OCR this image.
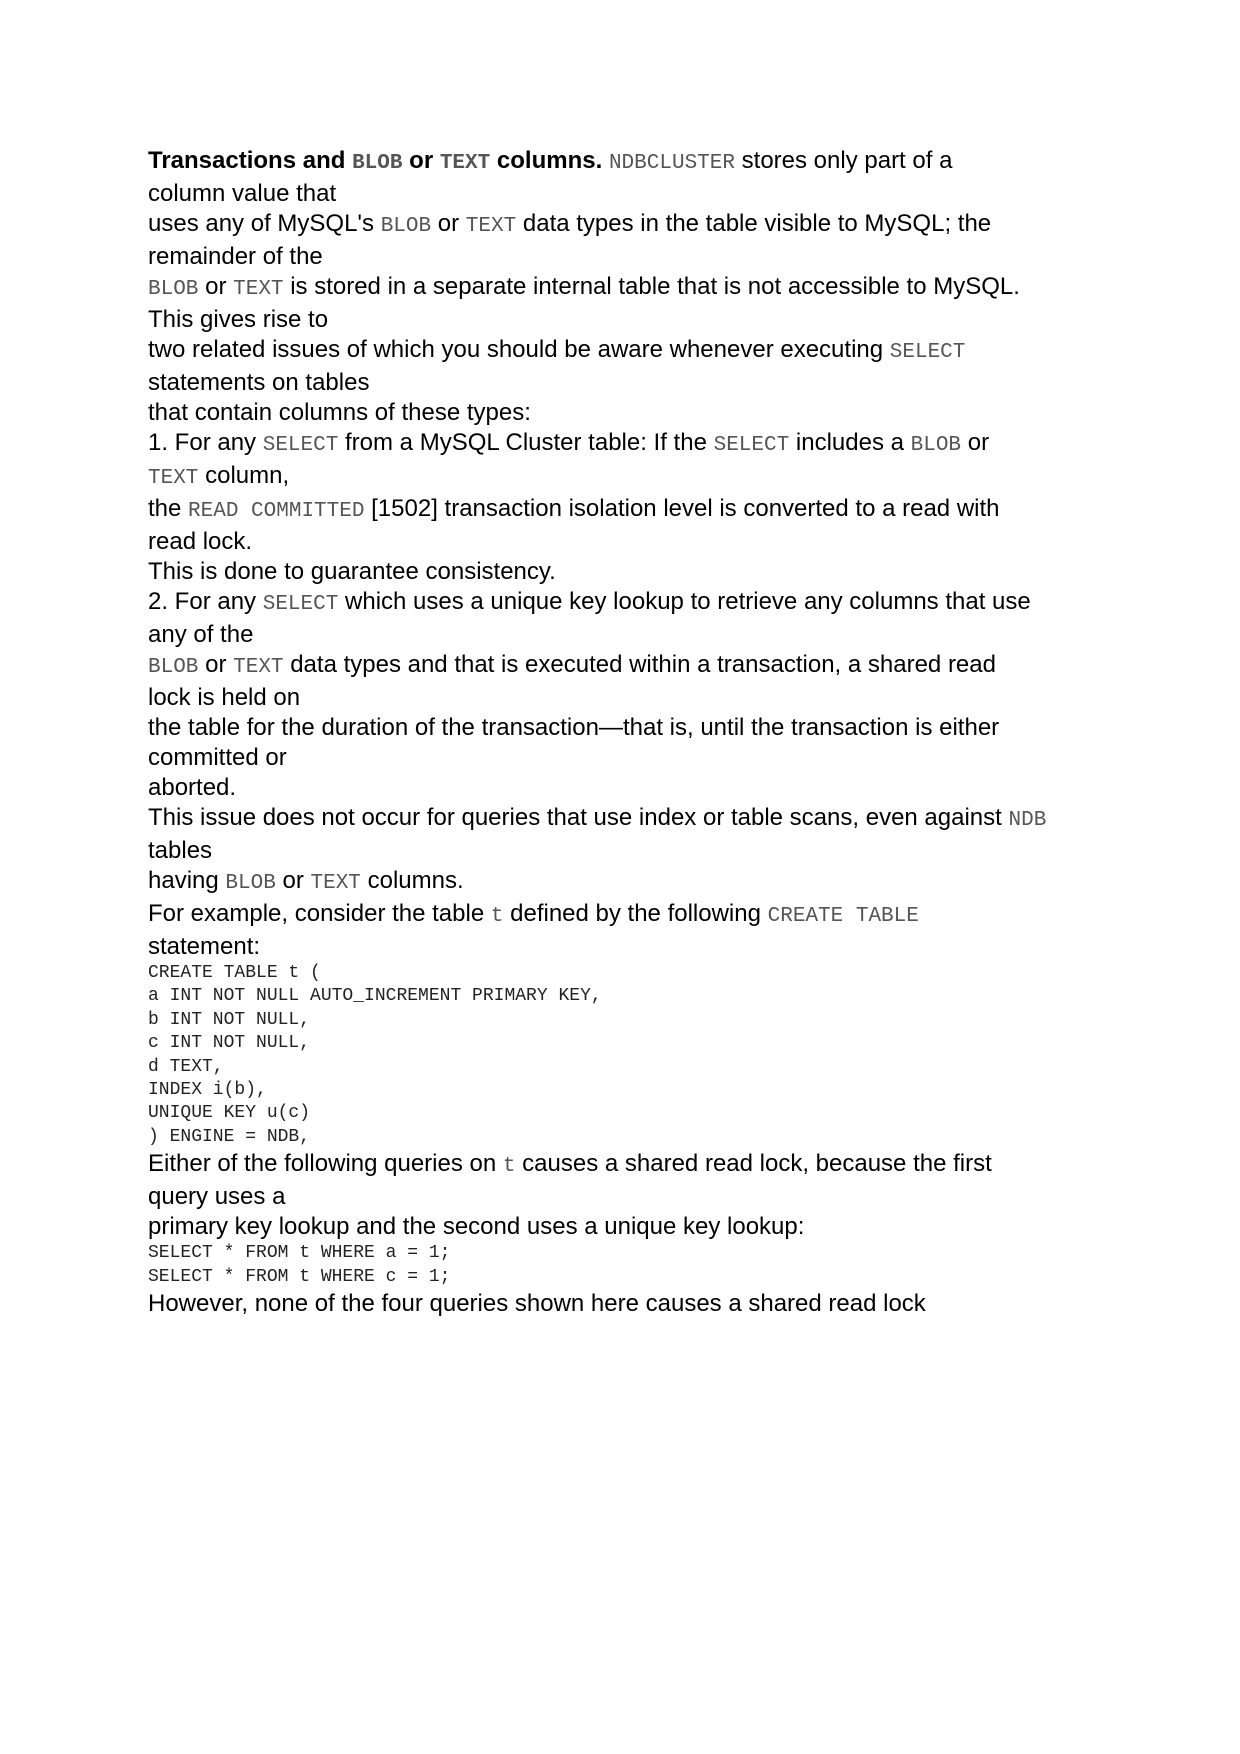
Transactions and BLOB or TEXT columns. NDBCLUSTER stores only part of a

column value that

uses any of MySQL's BLOB or TEXT data types in the table visible to MySQL; the

remainder of the

BLOB or TEXT is stored in a separate internal table that is not accessible to MySQL.

This gives rise to

two related issues of which you should be aware whenever executing SELECT

statements on tables

that contain columns of these types:

1. For any SELECT from a MySQL Cluster table: If the SELECT includes a BLOB or

TEXT column,

the READ COMMITTED [1502] transaction isolation level is converted to a read with

read lock.

This is done to guarantee consistency.

2. For any SELECT which uses a unique key lookup to retrieve any columns that use

any of the

BLOB or TEXT data types and that is executed within a transaction, a shared read

lock is held on

the table for the duration of the transaction—that is, until the transaction is either

committed or

aborted.

This issue does not occur for queries that use index or table scans, even against NDB

tables

having BLOB or TEXT columns.

For example, consider the table t defined by the following CREATE TABLE

statement:

CREATE TABLE t (
a INT NOT NULL AUTO_INCREMENT PRIMARY KEY,
b INT NOT NULL,
c INT NOT NULL,
d TEXT,
INDEX i(b),
UNIQUE KEY u(c)
) ENGINE = NDB,

Either of the following queries on t causes a shared read lock, because the first

query uses a

primary key lookup and the second uses a unique key lookup:

SELECT * FROM t WHERE a = 1;
SELECT * FROM t WHERE c = 1;

However, none of the four queries shown here causes a shared read lock
